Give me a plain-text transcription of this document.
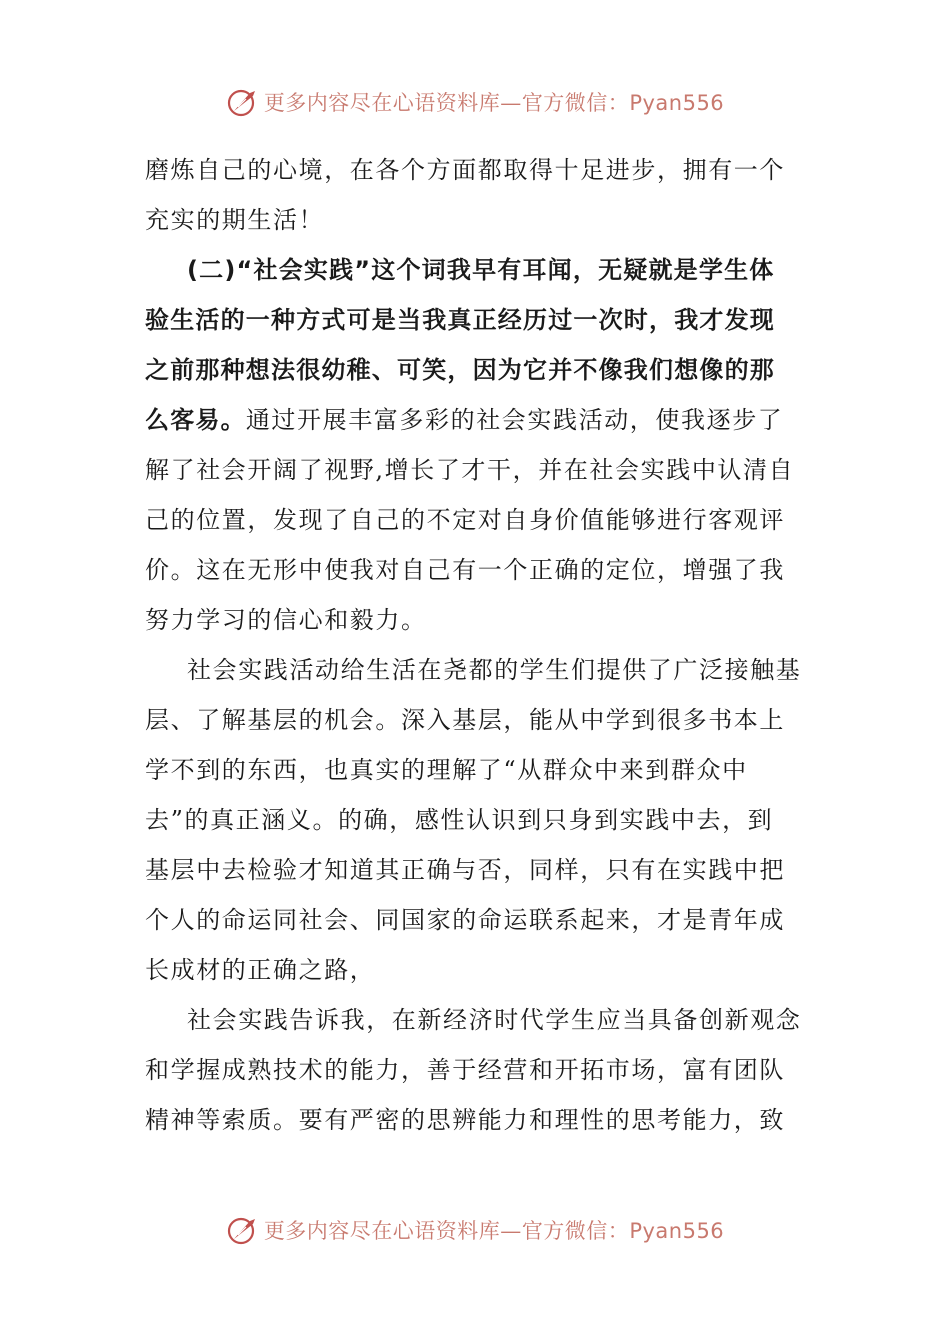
更多内容尽在心语资料库—官方微信：Pyan556
磨炼自己的心境，在各个方面都取得十足进步，拥有一个
充实的期生活！
(二)“社会实践”这个词我早有耳闻，无疑就是学生体
验生活的一种方式可是当我真正经历过一次时，我才发现
之前那种想法很幼稚、可笑，因为它并不像我们想像的那
么客易。通过开展丰富多彩的社会实践活动，使我逐步了
解了社会开阔了视野,增长了才干，并在社会实践中认清自
己的位置，发现了自己的不定对自身价值能够进行客观评
价。这在无形中使我对自己有一个正确的定位，增强了我
努力学习的信心和毅力。
社会实践活动给生活在尧都的学生们提供了广泛接触基
层、了解基层的机会。深入基层，能从中学到很多书本上
学不到的东西，也真实的理解了“从群众中来到群众中
去”的真正涵义。的确，感性认识到只身到实践中去，到
基层中去检验才知道其正确与否，同样，只有在实践中把
个人的命运同社会、同国家的命运联系起来，才是青年成
长成材的正确之路，
社会实践告诉我，在新经济时代学生应当具备创新观念
和学握成熟技术的能力，善于经营和开拓市场，富有团队
精神等索质。要有严密的思辨能力和理性的思考能力，致
更多内容尽在心语资料库—官方微信：Pyan556
